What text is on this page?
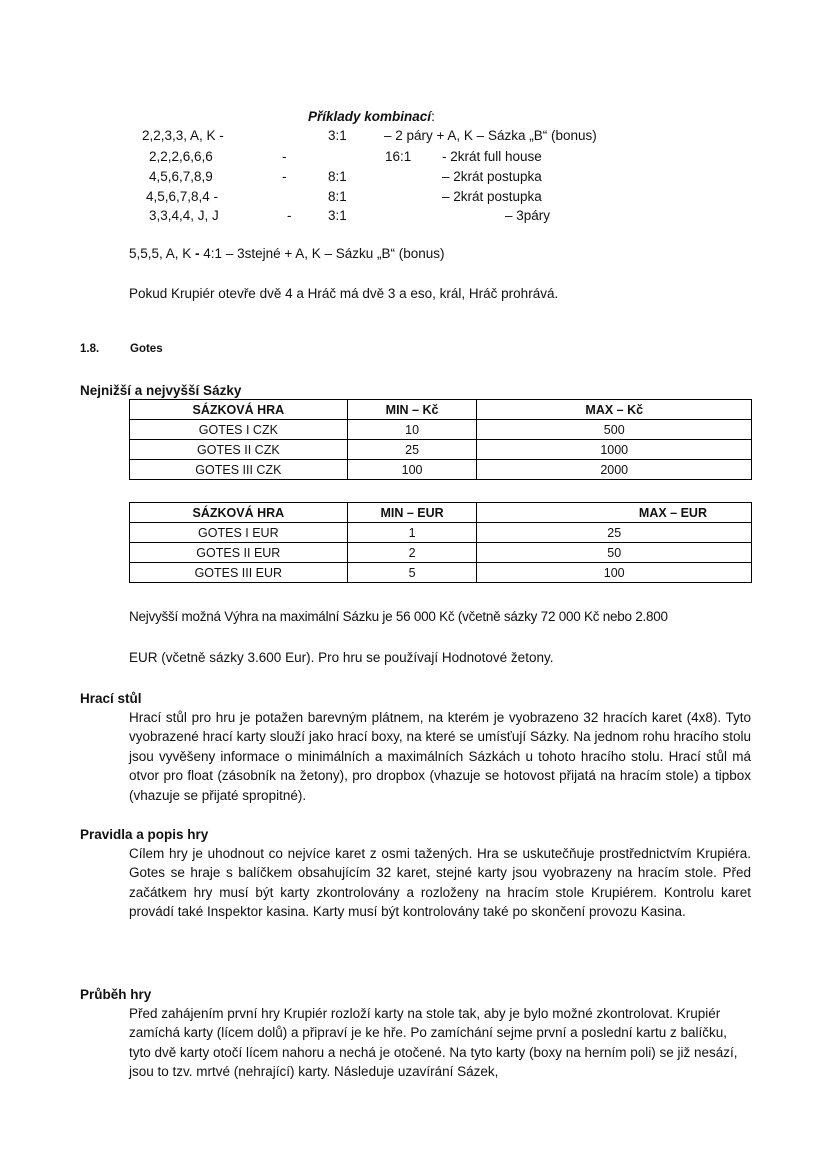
Příklady kombinací:
2,2,3,3, A, K -	3:1	– 2 páry + A, K – Sázka „B“ (bonus)
2,2,2,6,6,6	-	16:1 - 2krát full house
4,5,6,7,8,9	-	8:1	– 2krát postupka
4,5,6,7,8,4 -	8:1	– 2krát postupka
3,3,4,4, J, J	-	3:1	– 3páry
5,5,5, A, K - 4:1 – 3stejné + A, K – Sázku „B“ (bonus)
Pokud Krupiér otevře dvě 4 a Hráč má dvě 3 a eso, král, Hráč prohrává.
1.8.	Gotes
Nejnižší a nejvyšší Sázky
SÁZKOVÁ HRA	MIN – Kč	MAX – Kč
GOTES I CZK	10	500
GOTES II CZK	25	1000
GOTES III CZK	100	2000
SÁZKOVÁ HRA	MIN – EUR	MAX – EUR
GOTES I EUR	1	25
GOTES II EUR	2	50
GOTES III EUR	5	100
Nejvyšší možná Výhra na maximální Sázku je 56 000 Kč (včetně sázky 72 000 Kč nebo 2.800
EUR (včetně sázky 3.600 Eur). Pro hru se používají Hodnotové žetony.
Hrací stůl

Hrací stůl pro hru je potažen barevným plátnem, na kterém je vyobrazeno 32 hracích karet (4x8). Tyto vyobrazené hrací karty slouží jako hrací boxy, na které se umísťují Sázky. Na jednom rohu hracího stolu jsou vyvěšeny informace o minimálních a maximálních Sázkách u tohoto hracího stolu. Hrací stůl má otvor pro float (zásobník na žetony), pro dropbox (vhazuje se hotovost přijatá na hracím stole) a tipbox (vhazuje se přijaté spropitné).

Pravidla a popis hry

Cílem hry je uhodnout co nejvíce karet z osmi tažených. Hra se uskutečňuje prostřednictvím Krupiéra. Gotes se hraje s balíčkem obsahujícím 32 karet, stejné karty jsou vyobrazeny na hracím stole. Před začátkem hry musí být karty zkontrolovány a rozloženy na hracím stole Krupiérem. Kontrolu karet provádí také Inspektor kasina. Karty musí být kontrolovány také po skončení provozu Kasina.

Průběh hry

Před zahájením první hry Krupiér rozloží karty na stole tak, aby je bylo možné zkontrolovat. Krupiér zamíchá karty (lícem dolů) a připraví je ke hře. Po zamíchání sejme první a poslední kartu z balíčku, tyto dvě karty otočí lícem nahoru a nechá je otočené. Na tyto karty (boxy na herním poli) se již nesází, jsou to tzv. mrtvé (nehrající) karty. Následuje uzavírání Sázek,
